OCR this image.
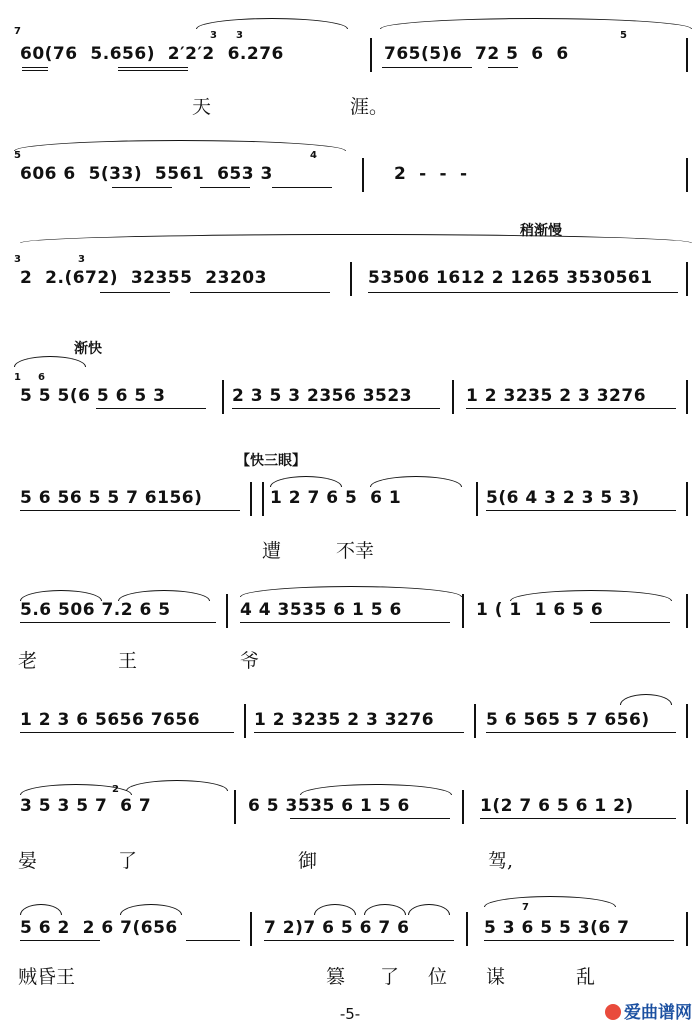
7	3 3	5
60(76  5.656)  2′2′2  6.276	765(5)6  72 5  6  6
天	涯。
5	4
606 6  5(33)  5561  653 3	2  -  -  -
稍渐慢
3	3
2  2.(672)  32355  23203	53506 1612 2 1265 3530561
渐快
1 6
5 5 5(6 5 6 5 3	2 3 5 3 2356 3523	1 2 3235 2 3 3276
【快三眼】
5 6 56 5 5 7 6156)	1 2 7 6 5  6 1	5(6 4 3 2 3 5 3)
遭	不幸
5.6 506 7.2 6 5	4 4 3535 6 1 5 6	1 ( 1  1 6 5 6
老	王	爷
1 2 3 6 5656 7656	1 2 3235 2 3 3276	5 6 565 5 7 656)
2
3 5 3 5 7  6 7	6 5 3535 6 1 5 6	1(2 7 6 5 6 1 2)
晏	了	御	驾,
7
5 6 2  2 6 7(656	7 2)7 6 5 6 7 6	5 3 6 5 5 3(6 7
贼昏王	篡 了 位 谋	乱
-5-	爱曲谱网
